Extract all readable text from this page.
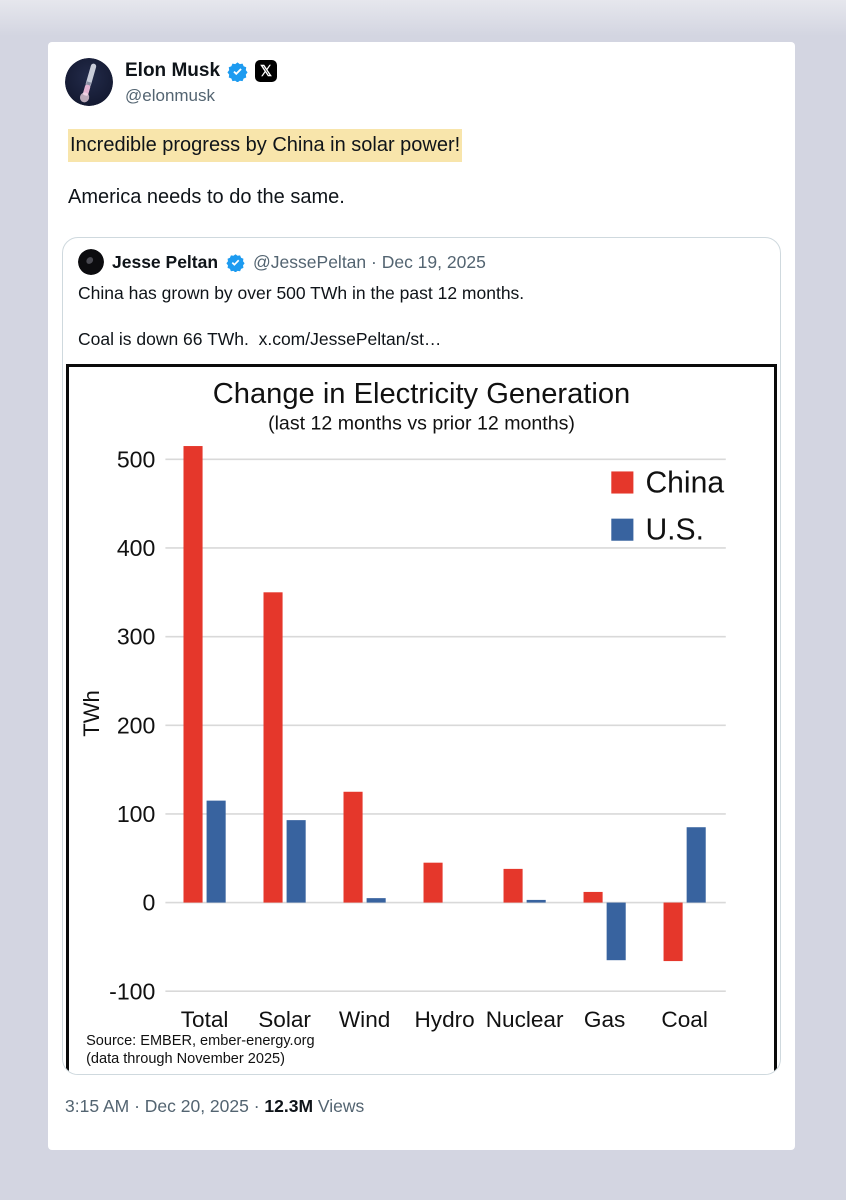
Elon Musk	𝕏
@elonmusk
Incredible progress by China in solar power!
America needs to do the same.
Jesse Peltan @JessePeltan · Dec 19, 2025
China has grown by over 500 TWh in the past 12 months.
Coal is down 66 TWh.  x.com/JessePeltan/st…
Change in Electricity Generation
(last 12 months vs prior 12 months)
-100
0
100
200
300
400
500
TWh
Total Solar Wind Hydro Nuclear Gas Coal
China
U.S.
Source: EMBER, ember-energy.org
(data through November 2025)
3:15 AM · Dec 20, 2025 · 12.3M Views
